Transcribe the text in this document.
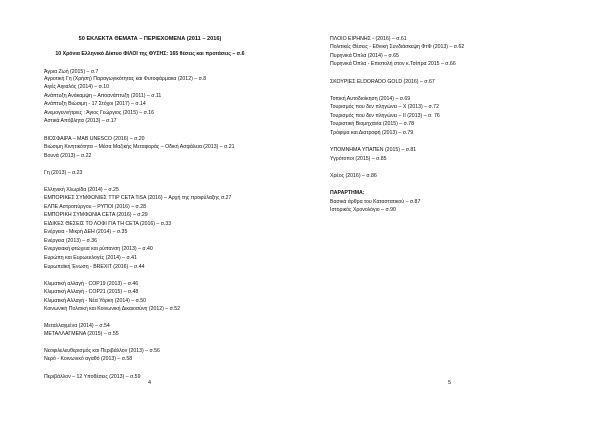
50 ΕΚΛΕΚΤΑ ΘΕΜΑΤΑ – ΠΕΡΙΕΧΟΜΕΝΑ (2011 – 2016)
10 Χρόνια Ελληνικό Δίκτυο ΦΙΛΟΙ της ΦΥΣΗΣ: 165 θέσεις και προτάσεις – σ.6
Άγρια Ζωή (2015) – σ.7
Αγροτική Γη (Χρήση) Παραγωγικότητας και Φυτοφάρμακα (2012) – σ.8
Αιγές Αιγιαλός (2014) – σ.10
Ανάπτυξη Ανάκαμψη – Αποανάπτυξη (2011) – σ.11
Ανάπτυξη Βιώσιμη - 17 Στόχοι (2017) – σ.14
Ανεμογεννήτριες : Άγιος Γεώργιος (2015) – σ.16
Αστικά Απόβλητα (2013) – σ.17
ΒΙΟΣΦΑΙΡΑ – MAB UNESCO (2016) – σ.20
Βιώσιμη Κινητικότητα – Μέσα Μαζικής Μεταφοράς – Οδική Ασφάλεια (2013) – σ.21
Βουνά (2013) – σ.22
Γη (2013) – σ.23
Ελληνική Χλωρίδα (2014) – σ.25
ΕΜΠΟΡΙΚΕΣ ΣΥΜΦΩΝΙΕΣ TTIP CETA TiSA (2016) – Αρχή της προφύλαξης σ.27
ΕΛΠΕ Αστροπύργου – ΡΥΠΟΙ (2016) – σ.28
ΕΜΠΟΡΙΚΗ ΣΥΜΦΩΝΙΑ CETA (2016) – σ.29
ΕΙΔΙΚΕΣ ΘΕΣΕΙΣ ΤΟ ΛΟΦΙ ΓΙΑ ΤΗ CETA (2016) – σ.33
Ενέργεια - Μικρή ΔΕΗ (2014) – σ.35
Ενέργεια (2013) – σ.36
Ενεργειακή φτώχεια και ρύπανση (2013) – σ.40
Ευρώπη και Ευρωεκλογές (2014) – σ.41
Ευρωπαϊκή Ένωση - BREXIT (2016) – σ.44
Κλιματική αλλαγή - COP19 (2013) – σ.46
Κλιματική Αλλαγή - COP21 (2015) – σ.48
Κλιματική Αλλαγή - Νέα Υόρκη (2014) – σ.50
Κοινωνική Πολιτική και Κοινωνική Δικαιοσύνη (2012) – σ.52
Μεταλλαγμένα (2014) – σ.54
ΜΕΤΑΛΛΑΓΜΕΝΑ (2015) – σ.55
Νεοφιλελευθερισμός και Περιβάλλον (2013) – σ.56
Νερό - Κοινωνικό αγαθό (2013) – σ.58
Περιβάλλον – 12 Υποθέσεις (2013) – σ.59
4
ΠΛΟΙΟ ΕΙΡΗΝΗΣ - (2016) – σ.61
Πολιτικές Θέσεις - Εθνική Συνδιάσκεψη ΦτΦ (2013) – σ.62
Πυρηνικά Όπλα (2014) – σ.65
Πυρηνικά Όπλα - Επιστολή στον κ.Τσίπρα 2015 – σ.66
ΣΚΟΥΡΙΕΣ ELDORADO GOLD (2016) – σ.67
Τοπική Αυτοδιοίκηση (2014) – σ.69
Τουρισμός που δεν πληγώνει – Χ (2013) – σ.72
Τουρισμός που δεν πληγώνει – ΙΙ (2013) – σ. 76
Τουριστική Βιομηχανία (2015) – σ.78
Τρόφιμα και Διατροφή (2013) – σ.79
ΥΠΟΜΝΗΜΑ ΥΠΑΠΕΝ (2015) – σ.81
Υγρότοποι (2015) – σ.85
Χρέος (2016) – σ.86
ΠΑΡΑΡΤΗΜΑ:
Βασικά άρθρα του Καταστατικού – σ.87
Ιστορικός Χρονολόγιο – σ.90
5
